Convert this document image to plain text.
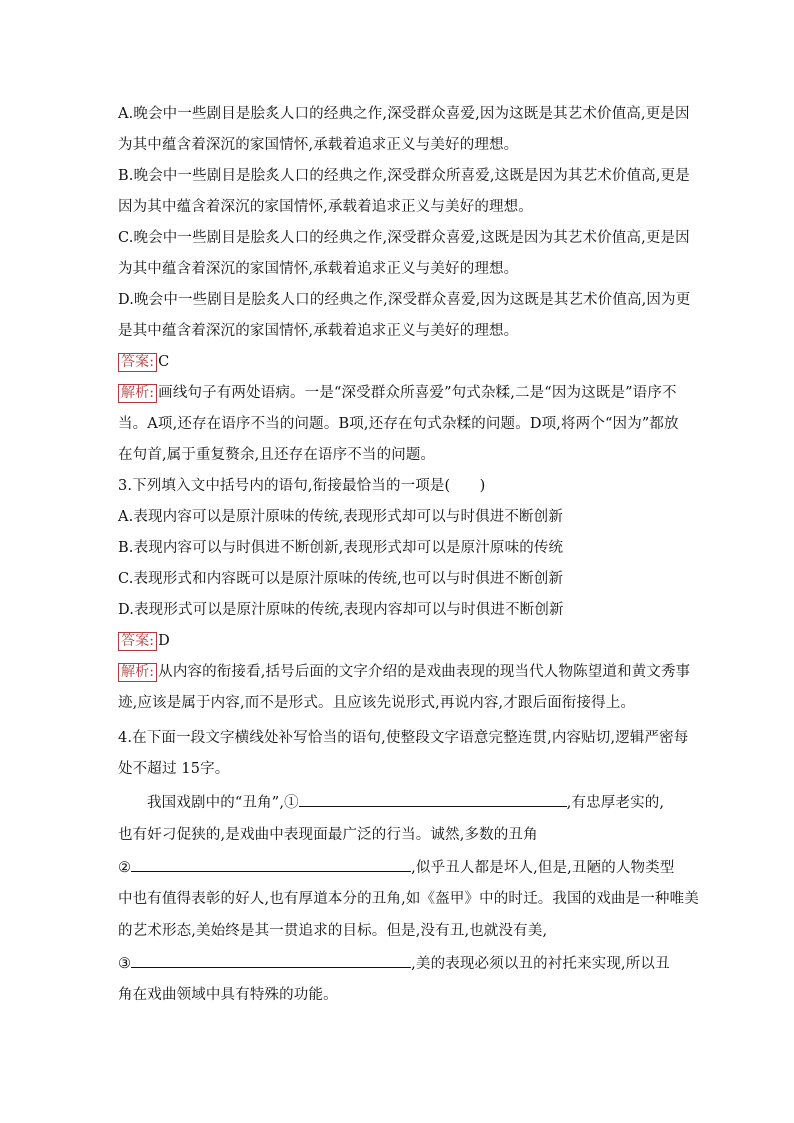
A.晚会中一些剧目是脍炙人口的经典之作,深受群众喜爱,因为这既是其艺术价值高,更是因
为其中蕴含着深沉的家国情怀,承载着追求正义与美好的理想。
B.晚会中一些剧目是脍炙人口的经典之作,深受群众所喜爱,这既是因为其艺术价值高,更是
因为其中蕴含着深沉的家国情怀,承载着追求正义与美好的理想。
C.晚会中一些剧目是脍炙人口的经典之作,深受群众喜爱,这既是因为其艺术价值高,更是因
为其中蕴含着深沉的家国情怀,承载着追求正义与美好的理想。
D.晚会中一些剧目是脍炙人口的经典之作,深受群众喜爱,因为这既是其艺术价值高,因为更
是其中蕴含着深沉的家国情怀,承载着追求正义与美好的理想。
答案: C
解析: 画线句子有两处语病。一是“深受群众所喜爱”句式杂糅,二是“因为这既是”语序不
当。A项,还存在语序不当的问题。B项,还存在句式杂糅的问题。D项,将两个“因为”都放
在句首,属于重复赘余,且还存在语序不当的问题。
3.下列填入文中括号内的语句,衔接最恰当的一项是(　　)
A.表现内容可以是原汁原味的传统,表现形式却可以与时俱进不断创新
B.表现内容可以与时俱进不断创新,表现形式却可以是原汁原味的传统
C.表现形式和内容既可以是原汁原味的传统,也可以与时俱进不断创新
D.表现形式可以是原汁原味的传统,表现内容却可以与时俱进不断创新
答案: D
解析: 从内容的衔接看,括号后面的文字介绍的是戏曲表现的现当代人物陈望道和黄文秀事
迹,应该是属于内容,而不是形式。且应该先说形式,再说内容,才跟后面衔接得上。
4.在下面一段文字横线处补写恰当的语句,使整段文字语意完整连贯,内容贴切,逻辑严密每
处不超过 15字。
我国戏剧中的“丑角”,①	,有忠厚老实的,
也有奸刁促狭的,是戏曲中表现面最广泛的行当。诚然,多数的丑角
②	,似乎丑人都是坏人,但是,丑陋的人物类型
中也有值得表彰的好人,也有厚道本分的丑角,如《盔甲》中的时迁。我国的戏曲是一种唯美
的艺术形态,美始终是其一贯追求的目标。但是,没有丑,也就没有美,
③	,美的表现必须以丑的衬托来实现,所以丑
角在戏曲领域中具有特殊的功能。
